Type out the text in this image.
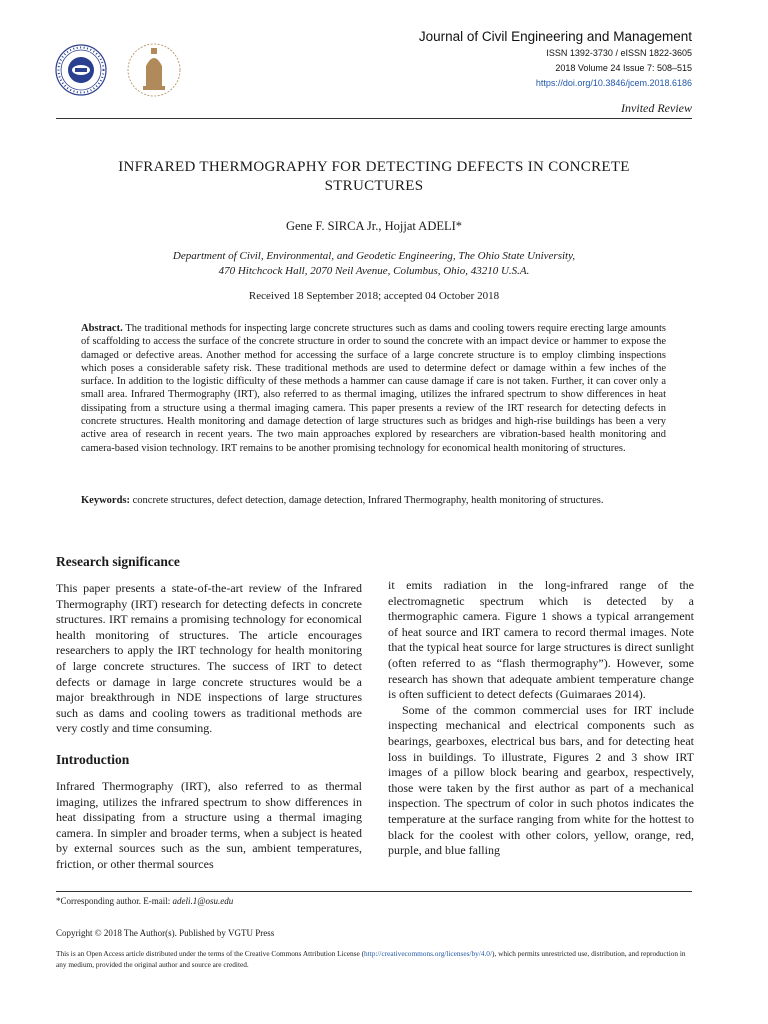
Journal of Civil Engineering and Management
ISSN 1392-3730 / eISSN 1822-3605
2018 Volume 24 Issue 7: 508–515
https://doi.org/10.3846/jcem.2018.6186
Invited Review
INFRARED THERMOGRAPHY FOR DETECTING DEFECTS IN CONCRETE
STRUCTURES
Gene F. SIRCA Jr., Hojjat ADELI*
Department of Civil, Environmental, and Geodetic Engineering, The Ohio State University,
470 Hitchcock Hall, 2070 Neil Avenue, Columbus, Ohio, 43210 U.S.A.
Received 18 September 2018; accepted 04 October 2018
Abstract. The traditional methods for inspecting large concrete structures such as dams and cooling towers require erecting large amounts of scaffolding to access the surface of the concrete structure in order to sound the concrete with an impact device or hammer to expose the damaged or defective areas. Another method for accessing the surface of a large concrete structure is to employ climbing inspections which poses a considerable safety risk. These traditional methods are used to determine defect or damage within a few inches of the surface. In addition to the logistic difficulty of these methods a hammer can cause damage if care is not taken. Further, it can cover only a small area. Infrared Thermography (IRT), also referred to as thermal imaging, utilizes the infrared spectrum to show differences in heat dissipating from a structure using a thermal imaging camera. This paper presents a review of the IRT research for detecting defects in concrete structures. Health monitoring and damage detection of large structures such as bridges and high-rise buildings has been a very active area of research in recent years. The two main approaches explored by researchers are vibration-based health monitoring and camera-based vision technology. IRT remains to be another promising technology for economical health monitoring of structures.
Keywords: concrete structures, defect detection, damage detection, Infrared Thermography, health monitoring of structures.
Research significance

This paper presents a state-of-the-art review of the Infrared Thermography (IRT) research for detecting defects in concrete structures. IRT remains a promising technology for economical health monitoring of structures. The article encourages researchers to apply the IRT technology for health monitoring of large concrete structures. The success of IRT to detect defects or damage in large concrete structures would be a major breakthrough in NDE inspections of large structures such as dams and cooling towers as traditional methods are very costly and time consuming.

Introduction

Infrared Thermography (IRT), also referred to as thermal imaging, utilizes the infrared spectrum to show differences in heat dissipating from a structure using a thermal imaging camera. In simpler and broader terms, when a subject is heated by external sources such as the sun, ambient temperatures, friction, or other thermal sources

it emits radiation in the long-infrared range of the electromagnetic spectrum which is detected by a thermographic camera. Figure 1 shows a typical arrangement of heat source and IRT camera to record thermal images. Note that the typical heat source for large structures is direct sunlight (often referred to as “flash thermography”). However, some research has shown that adequate ambient temperature change is often sufficient to detect defects (Guimaraes 2014).

Some of the common commercial uses for IRT include inspecting mechanical and electrical components such as bearings, gearboxes, electrical bus bars, and for detecting heat loss in buildings. To illustrate, Figures 2 and 3 show IRT images of a pillow block bearing and gearbox, respectively, those were taken by the first author as part of a mechanical inspection. The spectrum of color in such photos indicates the temperature at the surface ranging from white for the hottest to black for the coolest with other colors, yellow, orange, red, purple, and blue falling

*Corresponding author. E-mail: adeli.1@osu.edu
Copyright © 2018 The Author(s). Published by VGTU Press
This is an Open Access article distributed under the terms of the Creative Commons Attribution License (http://creativecommons.org/licenses/by/4.0/), which permits unrestricted use, distribution, and reproduction in any medium, provided the original author and source are credited.
